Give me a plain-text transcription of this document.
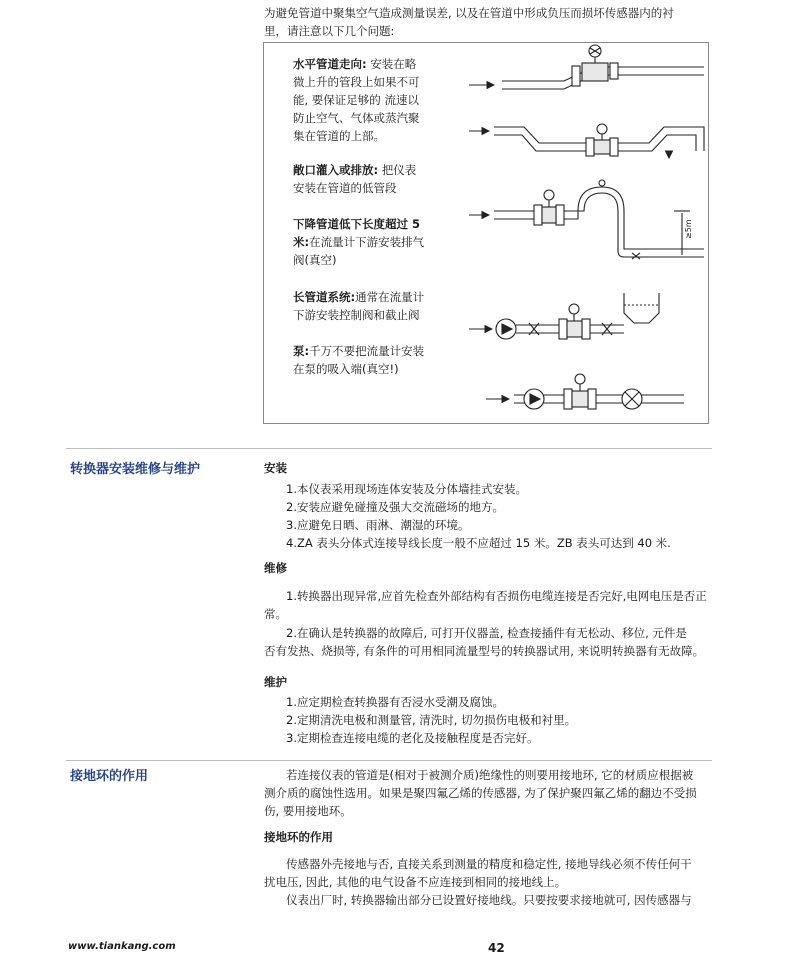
为避免管道中聚集空气造成测量误差, 以及在管道中形成负压而损坏传感器内的衬

里，请注意以下几个问题:

水平管道走向: 安装在略
微上升的管段上如果不可
能, 要保证足够的 流速以
防止空气、气体或蒸汽聚
集在管道的上部。
敞口灌入或排放: 把仪表
安装在管道的低管段
下降管道低下长度超过 5
米:在流量计下游安装排气
阀(真空)
长管道系统:通常在流量计
下游安装控制阀和截止阀
泵:千万不要把流量计安装
在泵的吸入端(真空!)
≥5m
转换器安装维修与维护	安装

1.本仪表采用现场连体安装及分体墙挂式安装。

2.安装应避免碰撞及强大交流磁场的地方。

3.应避免日晒、雨淋、潮湿的环境。

4.ZA 表头分体式连接导线长度一般不应超过 15 米。ZB 表头可达到 40 米.

维修

1.转换器出现异常,应首先检查外部结构有否损伤电缆连接是否完好,电网电压是否正

常。

2.在确认是转换器的故障后, 可打开仪器盖, 检查接插件有无松动、移位, 元件是

否有发热、烧损等, 有条件的可用相同流量型号的转换器试用, 来说明转换器有无故障。

维护

1.应定期检查转换器有否浸水受潮及腐蚀。

2.定期清洗电极和测量管, 清洗时, 切勿损伤电极和衬里。

3.定期检查连接电缆的老化及接触程度是否完好。

接地环的作用	若连接仪表的管道是(相对于被测介质)绝缘性的则要用接地环, 它的材质应根据被

测介质的腐蚀性选用。如果是聚四氟乙烯的传感器, 为了保护聚四氟乙烯的翻边不受损

伤, 要用接地环。

接地环的作用

传感器外壳接地与否, 直接关系到测量的精度和稳定性, 接地导线必须不传任何干

扰电压, 因此, 其他的电气设备不应连接到相同的接地线上。

仪表出厂时, 转换器输出部分已设置好接地线。只要按要求接地就可, 因传感器与

www.tiankang.com	42
